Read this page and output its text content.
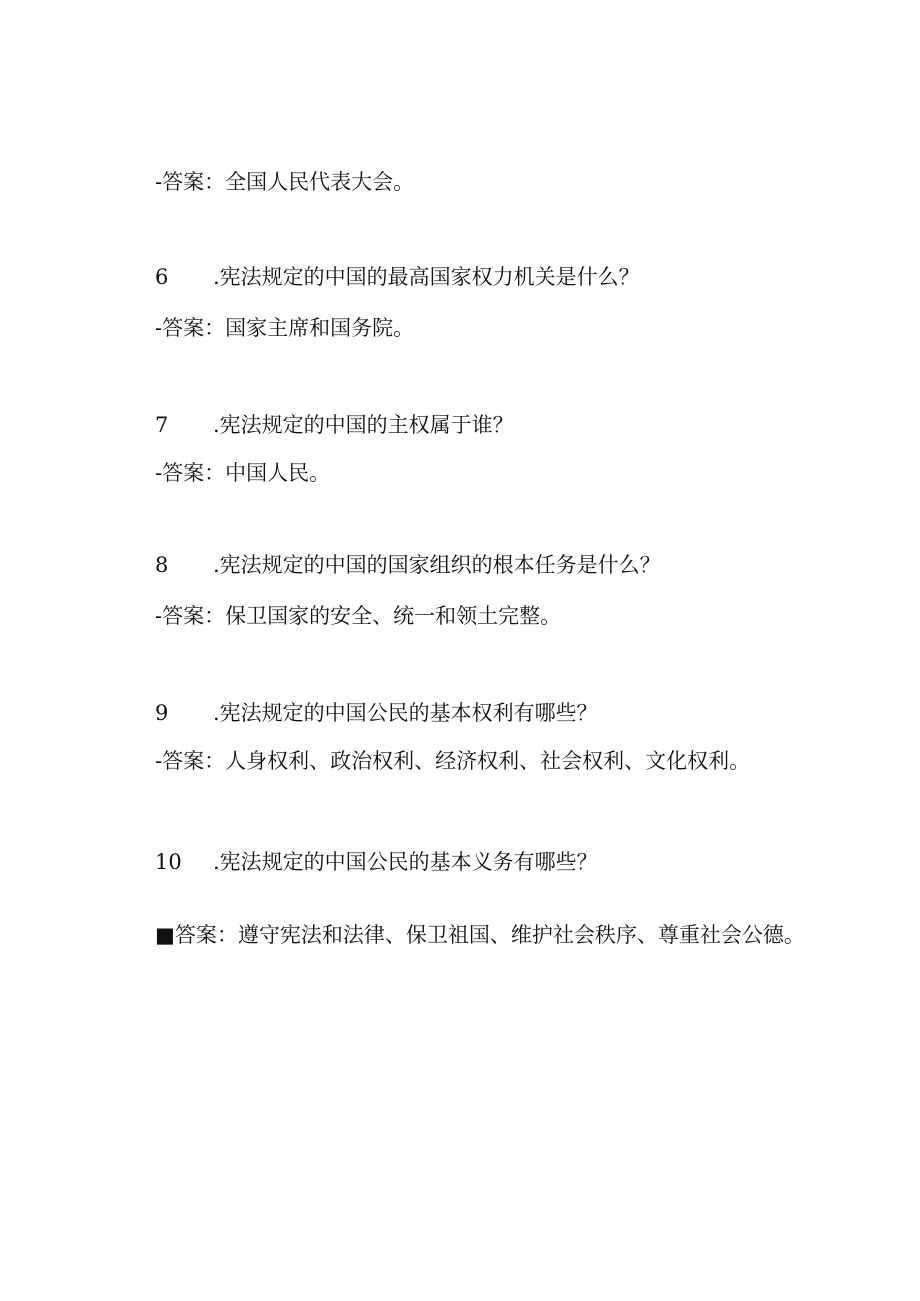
-答案：全国人民代表大会。
6 .宪法规定的中国的最高国家权力机关是什么？
-答案：国家主席和国务院。
7 .宪法规定的中国的主权属于谁？
-答案：中国人民。
8 .宪法规定的中国的国家组织的根本任务是什么？
-答案：保卫国家的安全、统一和领土完整。
9 .宪法规定的中国公民的基本权利有哪些？
-答案：人身权利、政治权利、经济权利、社会权利、文化权利。
10 .宪法规定的中国公民的基本义务有哪些？
■答案：遵守宪法和法律、保卫祖国、维护社会秩序、尊重社会公德。
